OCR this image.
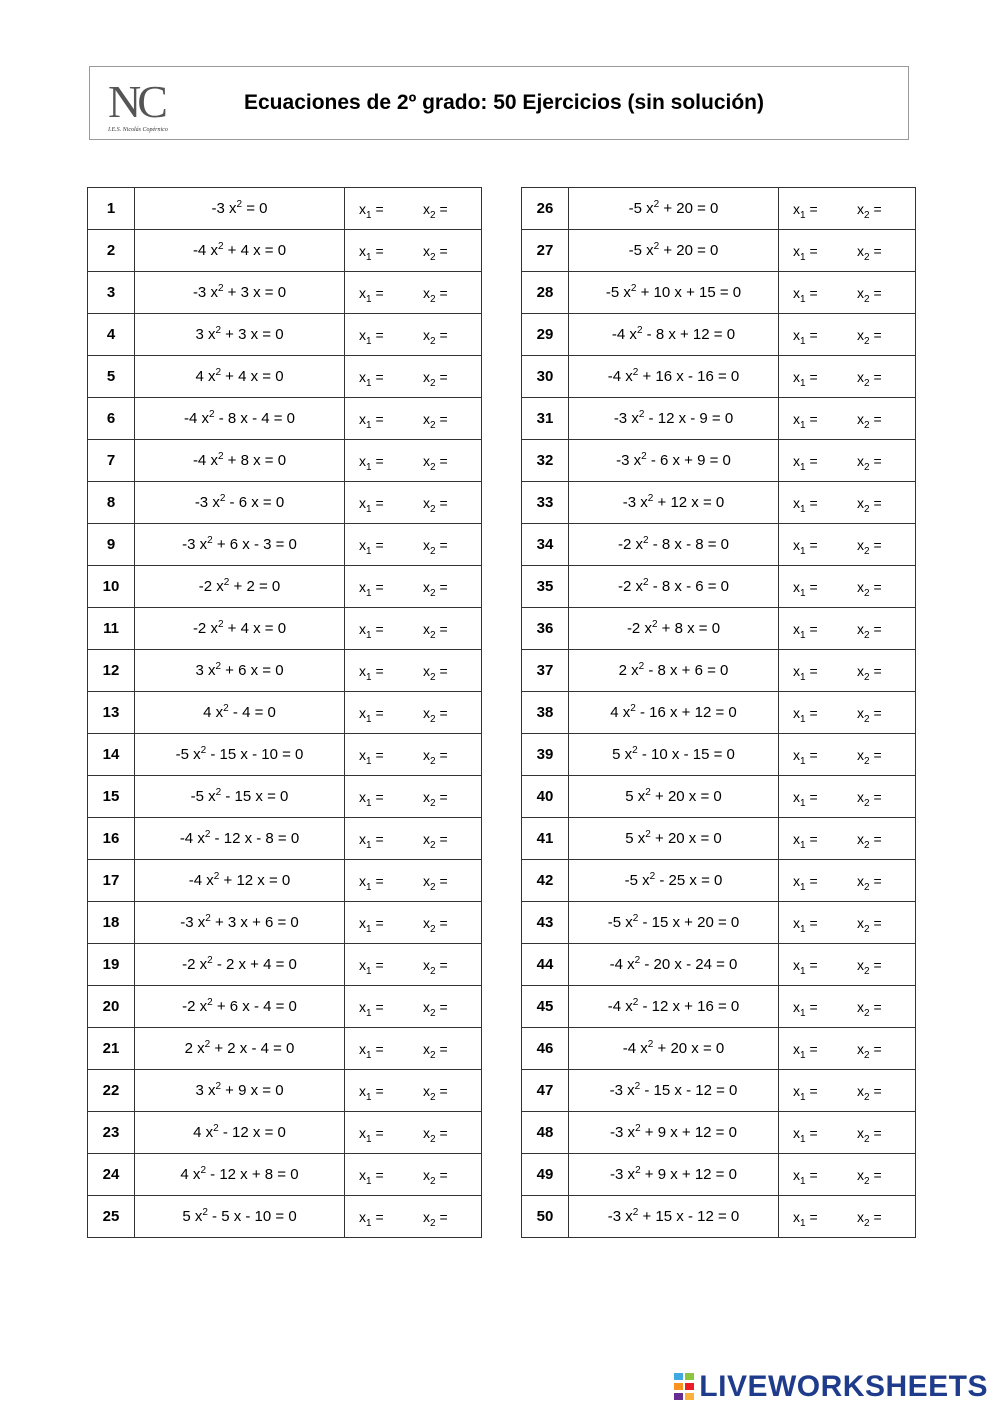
NC
I.E.S. Nicolás Copérnico
Ecuaciones de 2º grado: 50 Ejercicios (sin solución)
1	-3 $x^2 = 0$	$x_1 = x_2$ =

2	-4 $x^2 + 4$ x = 0	$x_1 = x_2$ =

3	-3 $x^2 + 3$ x = 0	$x_1 = x_2$ =

4	3 $x^2 + 3$ x = 0	$x_1 = x_2$ =

5	4 $x^2 + 4$ x = 0	$x_1 = x_2$ =

6	-4 $x^2 - 8$ x - 4 = 0	$x_1 = x_2$ =

7	-4 $x^2 + 8$ x = 0	$x_1 = x_2$ =

8	-3 $x^2 - 6$ x = 0	$x_1 = x_2$ =

9	-3 $x^2 + 6$ x - 3 = 0	$x_1 = x_2$ =

10	-2 $x^2 + 2 = 0$	$x_1 = x_2$ =

11	-2 $x^2 + 4$ x = 0	$x_1 = x_2$ =

12	3 $x^2 + 6$ x = 0	$x_1 = x_2$ =

13	4 $x^2 - 4 = 0$	$x_1 = x_2$ =

14	-5 $x^2 - 15$ x - 10 = 0	$x_1 = x_2$ =

15	-5 $x^2 - 15$ x = 0	$x_1 = x_2$ =

16	-4 $x^2 - 12$ x - 8 = 0	$x_1 = x_2$ =

17	-4 $x^2 + 12$ x = 0	$x_1 = x_2$ =

18	-3 $x^2 + 3$ x + 6 = 0	$x_1 = x_2$ =

19	-2 $x^2 - 2$ x + 4 = 0	$x_1 = x_2$ =

20	-2 $x^2 + 6$ x - 4 = 0	$x_1 = x_2$ =

21	2 $x^2 + 2$ x - 4 = 0	$x_1 = x_2$ =

22	3 $x^2 + 9$ x = 0	$x_1 = x_2$ =

23	4 $x^2 - 12$ x = 0	$x_1 = x_2$ =

24	4 $x^2 - 12$ x + 8 = 0	$x_1 = x_2$ =

25	5 $x^2 - 5$ x - 10 = 0	$x_1 = x_2$ =
26	-5 $x^2 + 20 = 0$	$x_1 = x_2$ =

27	-5 $x^2 + 20 = 0$	$x_1 = x_2$ =

28	-5 $x^2 + 10$ x + 15 = 0	$x_1 = x_2$ =

29	-4 $x^2 - 8$ x + 12 = 0	$x_1 = x_2$ =

30	-4 $x^2 + 16$ x - 16 = 0	$x_1 = x_2$ =

31	-3 $x^2 - 12$ x - 9 = 0	$x_1 = x_2$ =

32	-3 $x^2 - 6$ x + 9 = 0	$x_1 = x_2$ =

33	-3 $x^2 + 12$ x = 0	$x_1 = x_2$ =

34	-2 $x^2 - 8$ x - 8 = 0	$x_1 = x_2$ =

35	-2 $x^2 - 8$ x - 6 = 0	$x_1 = x_2$ =

36	-2 $x^2 + 8$ x = 0	$x_1 = x_2$ =

37	2 $x^2 - 8$ x + 6 = 0	$x_1 = x_2$ =

38	4 $x^2 - 16$ x + 12 = 0	$x_1 = x_2$ =

39	5 $x^2 - 10$ x - 15 = 0	$x_1 = x_2$ =

40	5 $x^2 + 20$ x = 0	$x_1 = x_2$ =

41	5 $x^2 + 20$ x = 0	$x_1 = x_2$ =

42	-5 $x^2 - 25$ x = 0	$x_1 = x_2$ =

43	-5 $x^2 - 15$ x + 20 = 0	$x_1 = x_2$ =

44	-4 $x^2 - 20$ x - 24 = 0	$x_1 = x_2$ =

45	-4 $x^2 - 12$ x + 16 = 0	$x_1 = x_2$ =

46	-4 $x^2 + 20$ x = 0	$x_1 = x_2$ =

47	-3 $x^2 - 15$ x - 12 = 0	$x_1 = x_2$ =

48	-3 $x^2 + 9$ x + 12 = 0	$x_1 = x_2$ =

49	-3 $x^2 + 9$ x + 12 = 0	$x_1 = x_2$ =

50	-3 $x^2 + 15$ x - 12 = 0	$x_1 = x_2$ =
LIVEWORKSHEETS
